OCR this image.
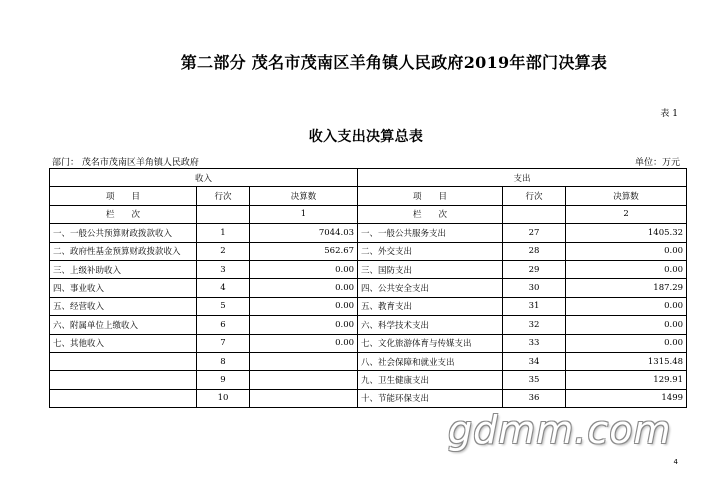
第二部分 茂名市茂南区羊角镇人民政府2019年部门决算表
表 1
收入支出决算总表
部门： 茂名市茂南区羊角镇人民政府	单位：万元
收入			支出		
项　　目	行次	决算数	项　　目	行次	决算数
栏　　次		1	栏　　次		2
一、一般公共预算财政拨款收入	1	7044.03	一、一般公共服务支出	27	1405.32
二、政府性基金预算财政拨款收入	2	562.67	二、外交支出	28	0.00
三、上级补助收入	3	0.00	三、国防支出	29	0.00
四、事业收入	4	0.00	四、公共安全支出	30	187.29
五、经营收入	5	0.00	五、教育支出	31	0.00
六、附属单位上缴收入	6	0.00	六、科学技术支出	32	0.00
七、其他收入	7	0.00	七、文化旅游体育与传媒支出	33	0.00
	8		八、社会保障和就业支出	34	1315.48
	9		九、卫生健康支出	35	129.91
	10		十、节能环保支出	36	1499
gdmm.com
4
